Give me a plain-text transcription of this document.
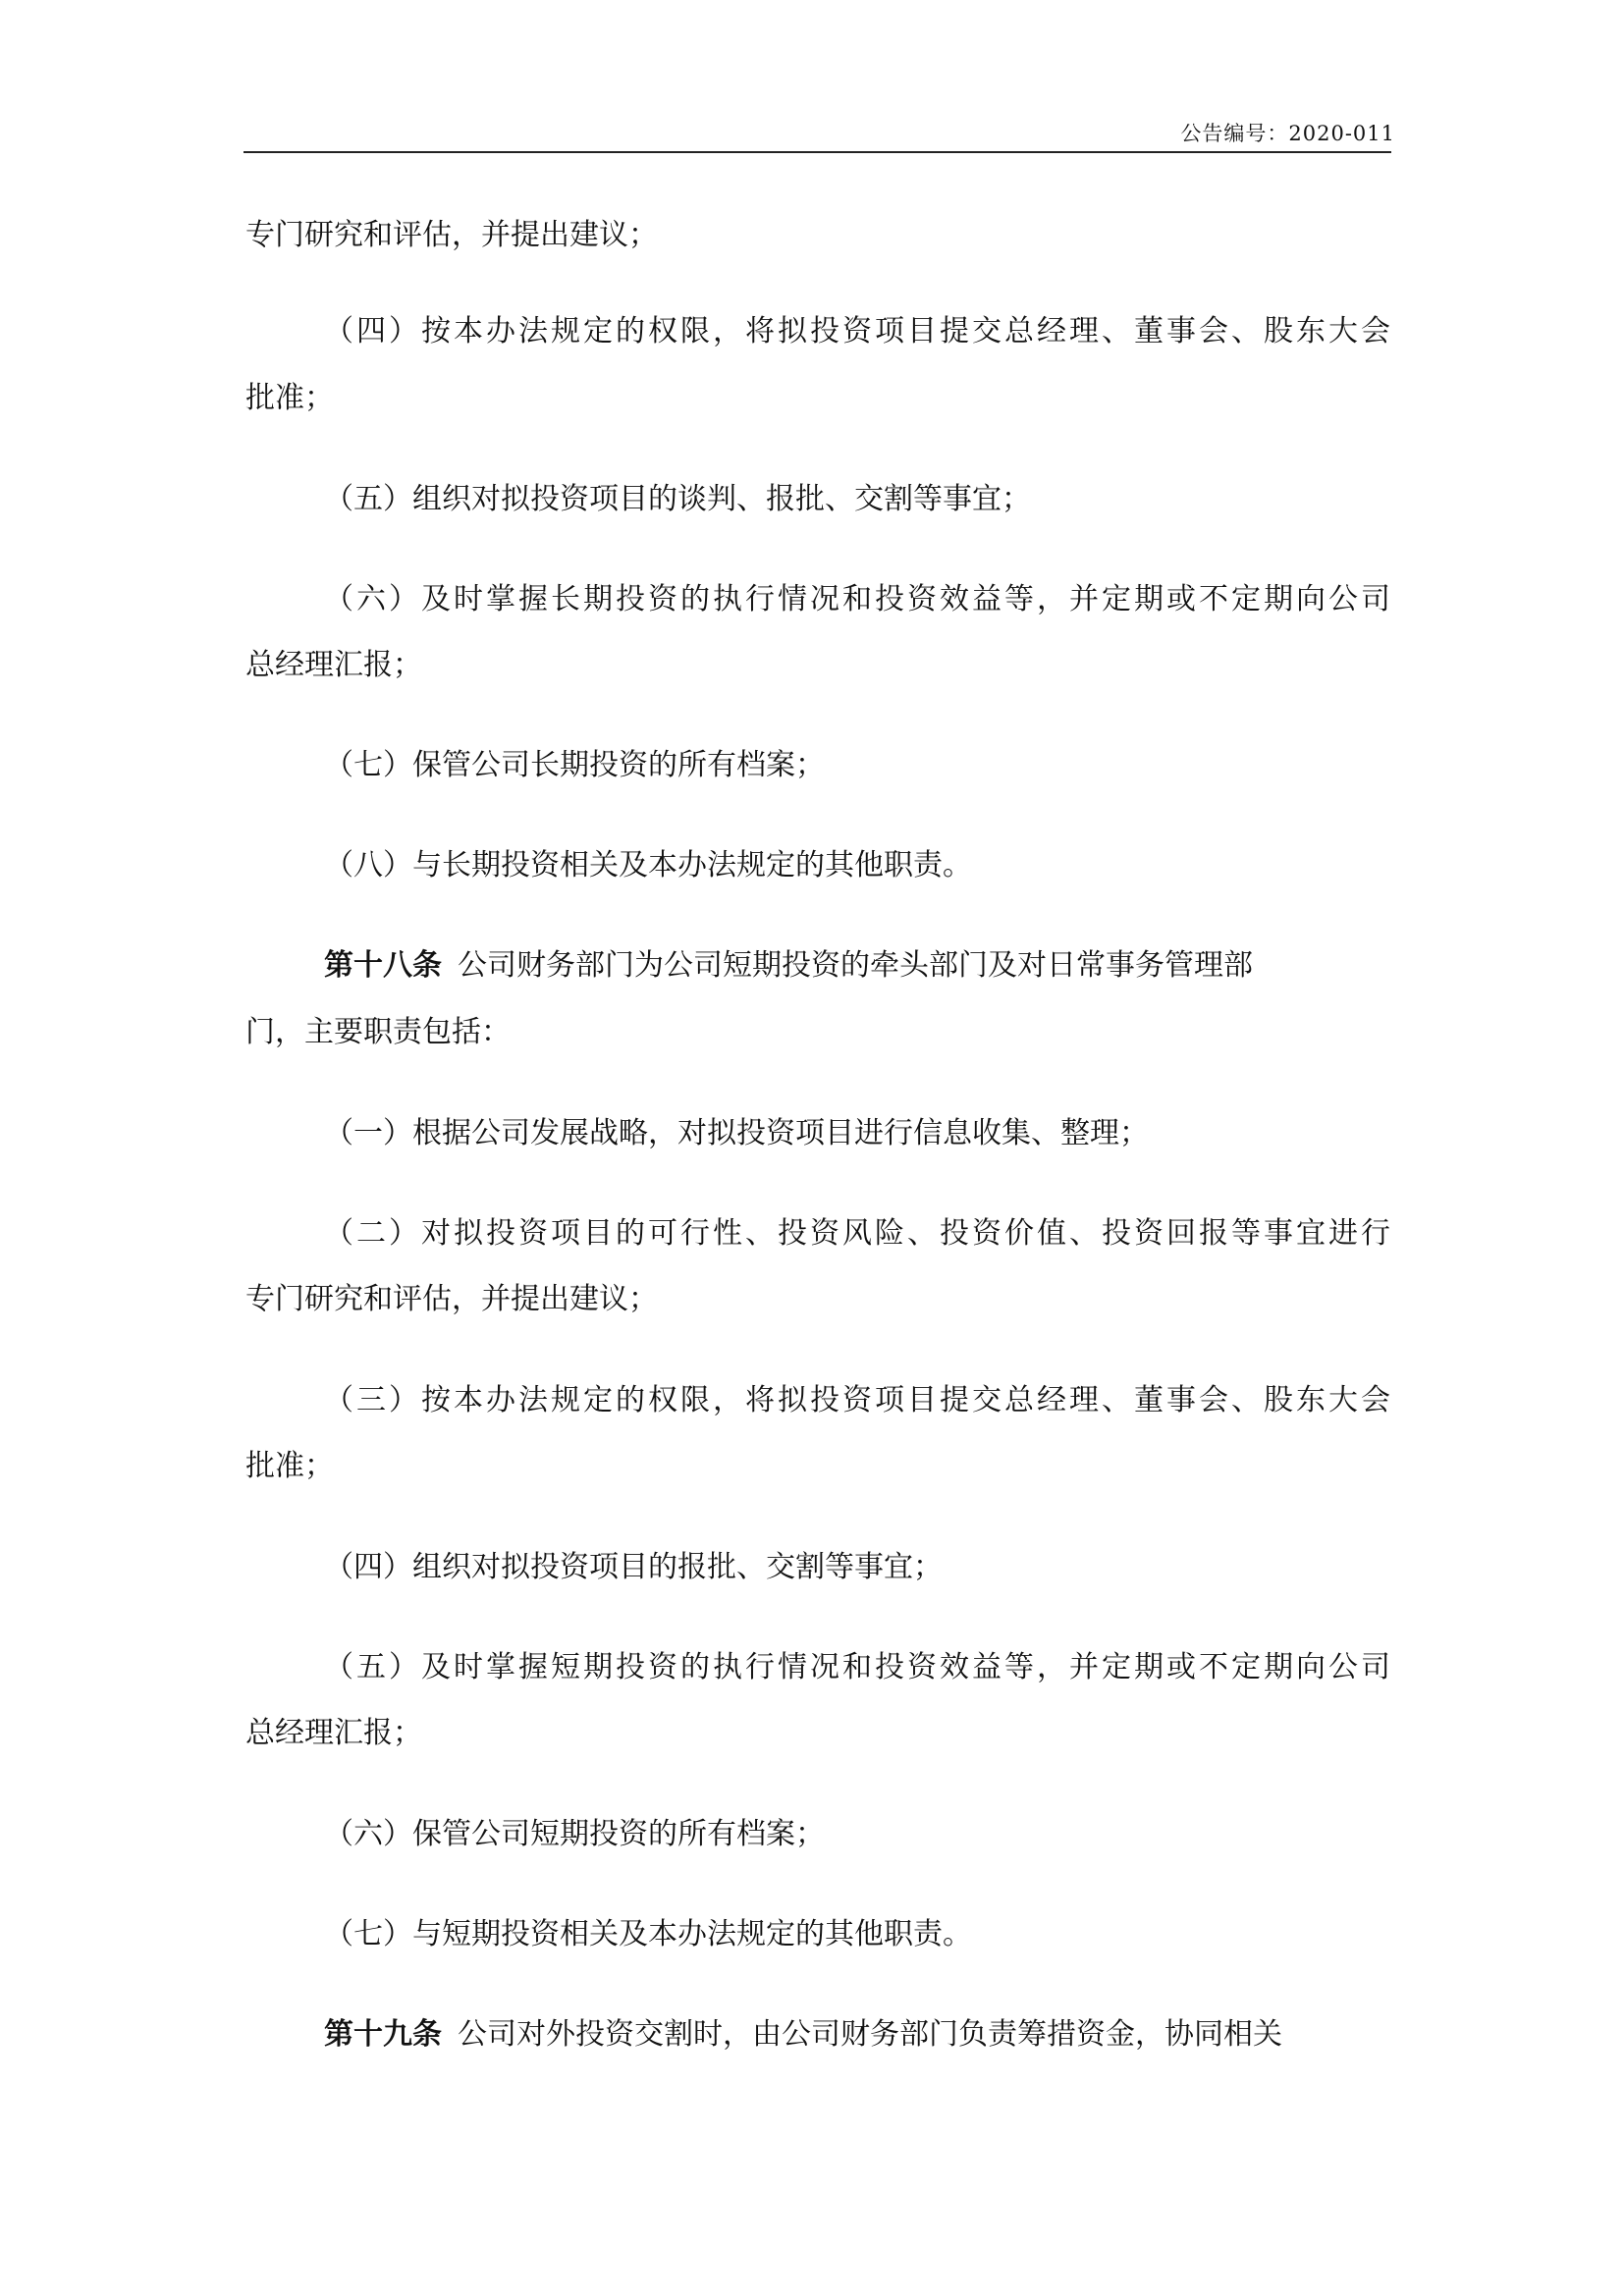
公告编号：2020-011
专门研究和评估，并提出建议；
（四）按本办法规定的权限，将拟投资项目提交总经理、董事会、股东大会
批准；
（五）组织对拟投资项目的谈判、报批、交割等事宜；
（六）及时掌握长期投资的执行情况和投资效益等，并定期或不定期向公司
总经理汇报；
（七）保管公司长期投资的所有档案；
（八）与长期投资相关及本办法规定的其他职责。
第十八条 公司财务部门为公司短期投资的牵头部门及对日常事务管理部
门，主要职责包括：
（一）根据公司发展战略，对拟投资项目进行信息收集、整理；
（二）对拟投资项目的可行性、投资风险、投资价值、投资回报等事宜进行
专门研究和评估，并提出建议；
（三）按本办法规定的权限，将拟投资项目提交总经理、董事会、股东大会
批准；
（四）组织对拟投资项目的报批、交割等事宜；
（五）及时掌握短期投资的执行情况和投资效益等，并定期或不定期向公司
总经理汇报；
（六）保管公司短期投资的所有档案；
（七）与短期投资相关及本办法规定的其他职责。
第十九条 公司对外投资交割时，由公司财务部门负责筹措资金，协同相关
